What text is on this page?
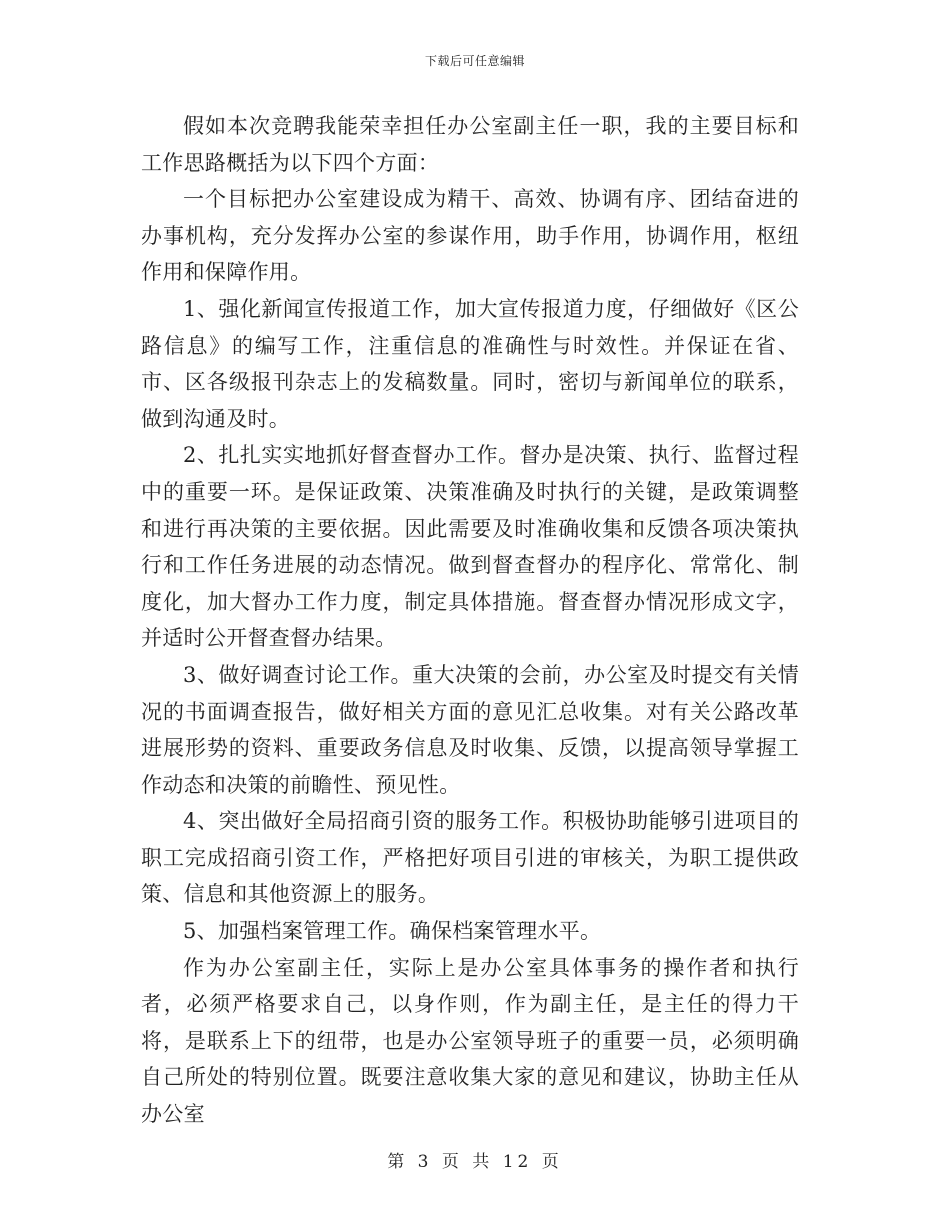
下载后可任意编辑

假如本次竞聘我能荣幸担任办公室副主任一职，我的主要目标和工作思路概括为以下四个方面：

一个目标把办公室建设成为精干、高效、协调有序、团结奋进的办事机构，充分发挥办公室的参谋作用，助手作用，协调作用，枢纽作用和保障作用。

1、强化新闻宣传报道工作，加大宣传报道力度，仔细做好《区公路信息》的编写工作，注重信息的准确性与时效性。并保证在省、市、区各级报刊杂志上的发稿数量。同时，密切与新闻单位的联系，做到沟通及时。

2、扎扎实实地抓好督查督办工作。督办是决策、执行、监督过程中的重要一环。是保证政策、决策准确及时执行的关键，是政策调整和进行再决策的主要依据。因此需要及时准确收集和反馈各项决策执行和工作任务进展的动态情况。做到督查督办的程序化、常常化、制度化，加大督办工作力度，制定具体措施。督查督办情况形成文字，并适时公开督查督办结果。

3、做好调查讨论工作。重大决策的会前，办公室及时提交有关情况的书面调查报告，做好相关方面的意见汇总收集。对有关公路改革进展形势的资料、重要政务信息及时收集、反馈，以提高领导掌握工作动态和决策的前瞻性、预见性。

4、突出做好全局招商引资的服务工作。积极协助能够引进项目的职工完成招商引资工作，严格把好项目引进的审核关，为职工提供政策、信息和其他资源上的服务。

5、加强档案管理工作。确保档案管理水平。

作为办公室副主任，实际上是办公室具体事务的操作者和执行者，必须严格要求自己，以身作则，作为副主任，是主任的得力干将，是联系上下的纽带，也是办公室领导班子的重要一员，必须明确自己所处的特别位置。既要注意收集大家的意见和建议，协助主任从办公室

第 3 页 共 12 页
